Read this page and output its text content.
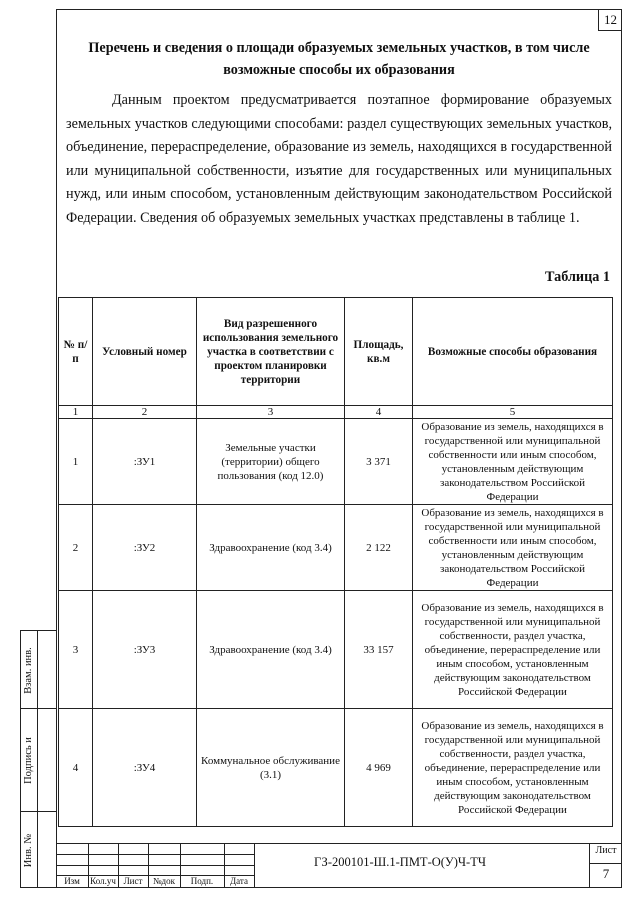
12
Перечень и сведения о площади образуемых земельных участков, в том числе возможные способы их образования
Данным проектом предусматривается поэтапное формирование образуемых земельных участков следующими способами: раздел существующих земельных участков, объединение, перераспределение, образование из земель, находящихся в государственной или муниципальной собственности, изъятие для государственных или муниципальных нужд, или иным способом, установленным действующим законодательством Российской Федерации. Сведения об образуемых земельных участках представлены в таблице 1.
Таблица 1
№ п/п	Условный номер	Вид разрешенного использования земельного участка в соответствии с проектом планировки территории	Площадь, кв.м	Возможные способы образования
1	2	3	4	5
1	:ЗУ1	Земельные участки (территории) общего пользования (код 12.0)	3 371	Образование из земель, находящихся в государственной или муниципальной собственности или иным способом, установленным действующим законодательством Российской Федерации
2	:ЗУ2	Здравоохранение (код 3.4)	2 122	Образование из земель, находящихся в государственной или муниципальной собственности или иным способом, установленным действующим законодательством Российской Федерации
3	:ЗУ3	Здравоохранение (код 3.4)	33 157	Образование из земель, находящихся в государственной или муниципальной собственности, раздел участка, объединение, перераспределение или иным способом, установленным действующим законодательством Российской Федерации
4	:ЗУ4	Коммунальное обслуживание (3.1)	4 969	Образование из земель, находящихся в государственной или муниципальной собственности, раздел участка, объединение, перераспределение или иным способом, установленным действующим законодательством Российской Федерации
Взам. инв.
Подпись и
Инв. №
Изм	Кол.уч Лист	№док	Подп.	Дата
ГЗ-200101-Ш.1-ПМТ-О(У)Ч-ТЧ
Лист
7
